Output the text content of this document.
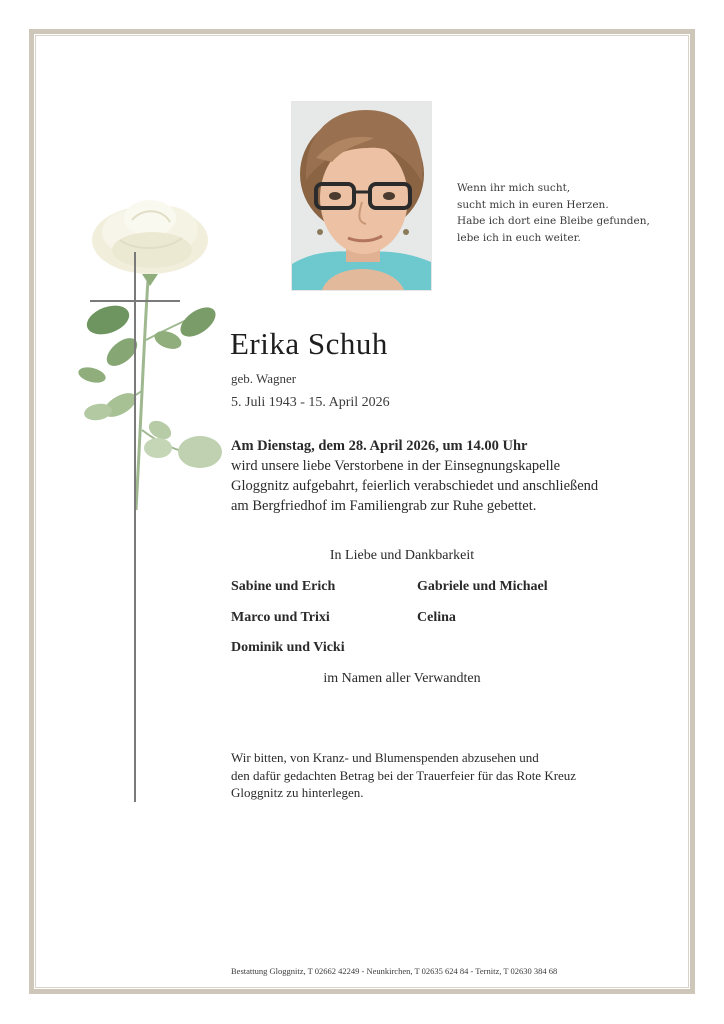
Wenn ihr mich sucht,
sucht mich in euren Herzen.
Habe ich dort eine Bleibe gefunden,
lebe ich in euch weiter.
Erika Schuh
geb. Wagner
5. Juli 1943 - 15. April 2026
Am Dienstag, dem 28. April 2026, um 14.00 Uhr
wird unsere liebe Verstorbene in der Einsegnungskapelle
Gloggnitz aufgebahrt, feierlich verabschiedet und anschließend
am Bergfriedhof im Familiengrab zur Ruhe gebettet.
In Liebe und Dankbarkeit
Sabine und Erich	Gabriele und Michael
Marco und Trixi	Celina
Dominik und Vicki
im Namen aller Verwandten
Wir bitten, von Kranz- und Blumenspenden abzusehen und
den dafür gedachten Betrag bei der Trauerfeier für das Rote Kreuz
Gloggnitz zu hinterlegen.
Bestattung Gloggnitz, T 02662 42249 - Neunkirchen, T 02635 624 84 - Ternitz, T 02630 384 68
